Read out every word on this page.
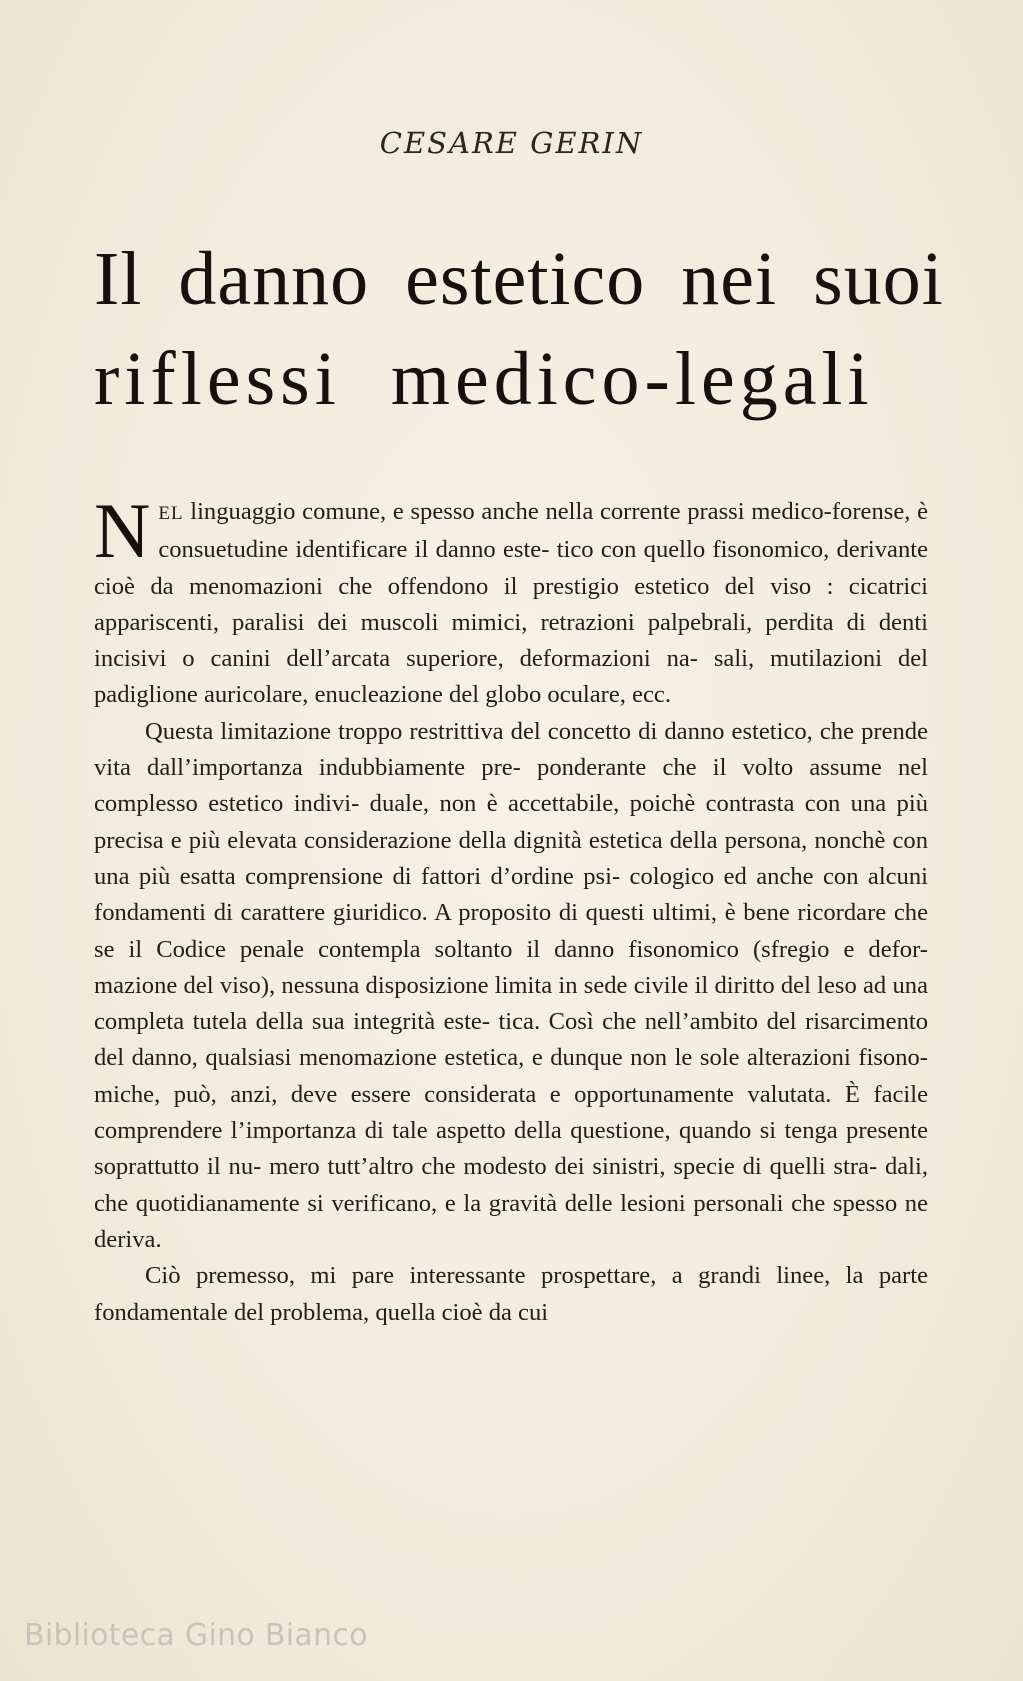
CESARE GERIN
Il danno estetico nei suoi
riflessi medico-legali

NEL linguaggio comune, e spesso anche nella corrente prassi medico-forense, è consuetudine identificare il danno este- tico con quello fisonomico, derivante cioè da menomazioni che offendono il prestigio estetico del viso : cicatrici appariscenti, paralisi dei muscoli mimici, retrazioni palpebrali, perdita di denti incisivi o canini dell’arcata superiore, deformazioni na- sali, mutilazioni del padiglione auricolare, enucleazione del globo oculare, ecc.

Questa limitazione troppo restrittiva del concetto di danno estetico, che prende vita dall’importanza indubbiamente pre- ponderante che il volto assume nel complesso estetico indivi- duale, non è accettabile, poichè contrasta con una più precisa e più elevata considerazione della dignità estetica della persona, nonchè con una più esatta comprensione di fattori d’ordine psi- cologico ed anche con alcuni fondamenti di carattere giuridico. A proposito di questi ultimi, è bene ricordare che se il Codice penale contempla soltanto il danno fisonomico (sfregio e defor- mazione del viso), nessuna disposizione limita in sede civile il diritto del leso ad una completa tutela della sua integrità este- tica. Così che nell’ambito del risarcimento del danno, qualsiasi menomazione estetica, e dunque non le sole alterazioni fisono- miche, può, anzi, deve essere considerata e opportunamente valutata. È facile comprendere l’importanza di tale aspetto della questione, quando si tenga presente soprattutto il nu- mero tutt’altro che modesto dei sinistri, specie di quelli stra- dali, che quotidianamente si verificano, e la gravità delle lesioni personali che spesso ne deriva.

Ciò premesso, mi pare interessante prospettare, a grandi linee, la parte fondamentale del problema, quella cioè da cui

Biblioteca Gino Bianco
